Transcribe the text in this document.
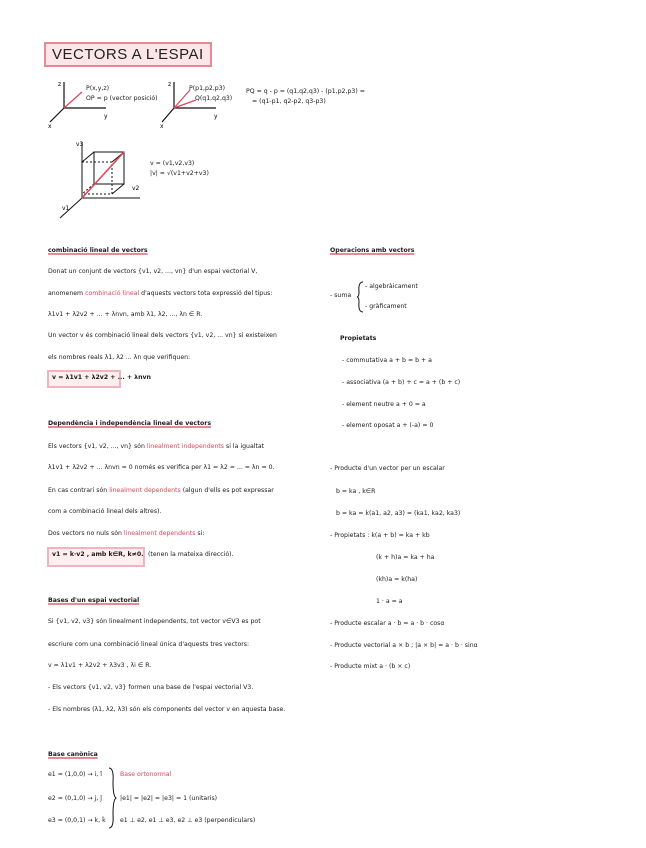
VECTORS A L'ESPAI
z
y
x
P(x,y,z)
OP = p (vector posició)
z
y
x
P(p1,p2,p3)
Q(q1,q2,q3)
PQ = q - p = (q1,q2,q3) - (p1,p2,p3) =
= (q1-p1, q2-p2, q3-p3)
v3
v2
v1
v = (v1,v2,v3)
|v| = √(v1+v2+v3)
combinació lineal de vectors
Donat un conjunt de vectors {v1, v2, ..., vn} d'un espai vectorial V,
anomenem combinació lineal d'aquests vectors tota expressió del tipus:
λ1v1 + λ2v2 + ... + λnvn, amb λ1, λ2, ..., λn ∈ R.
Un vector v és combinació lineal dels vectors {v1, v2, ... vn} si existeixen
els nombres reals λ1, λ2 ... λn que verifiquen:
v = λ1v1 + λ2v2 + ... + λnvn
Dependència i independència lineal de vectors
Els vectors {v1, v2, ..., vn} són linealment independents si la igualtat
λ1v1 + λ2v2 + ... λnvn = 0 només es verifica per λ1 = λ2 = ... = λn = 0.
En cas contrari són linealment dependents (algun d'ells es pot expressar
com a combinació lineal dels altres).
Dos vectors no nuls són linealment dependents si:
v1 = k·v2 , amb k∈R, k≠0. (tenen la mateixa direcció).
Bases d'un espai vectorial
Si {v1, v2, v3} són linealment independents, tot vector v∈V3 es pot
escriure com una combinació lineal única d'aquests tres vectors:
v = λ1v1 + λ2v2 + λ3v3 , λi ∈ R.
- Els vectors {v1, v2, v3} formen una base de l'espai vectorial V3.
- Els nombres (λ1, λ2, λ3) són els components del vector v en aquesta base.
Base canònica
e1 = (1,0,0) → i, î
e2 = (0,1,0) → j, ĵ
e3 = (0,0,1) → k, k̂
Base ortonormal
|e1| = |e2| = |e3| = 1 (unitaris)
e1 ⊥ e2, e1 ⊥ e3, e2 ⊥ e3 (perpendiculars)
Operacions amb vectors
- suma
- algebràicament
- gràficament
Propietats
- commutativa a + b = b + a
- associativa (a + b) + c = a + (b + c)
- element neutre a + 0 = a
- element oposat a + (-a) = 0
- Producte d'un vector per un escalar
b = ka , k∈R
b = ka = k(a1, a2, a3) = (ka1, ka2, ka3)
- Propietats : k(a + b) = ka + kb
(k + h)a = ka + ha
(kh)a = k(ha)
1 · a = a
- Producte escalar a · b = a · b · cosα
- Producte vectorial a × b ; |a × b| = a · b · sinα
- Producte mixt a · (b × c)
